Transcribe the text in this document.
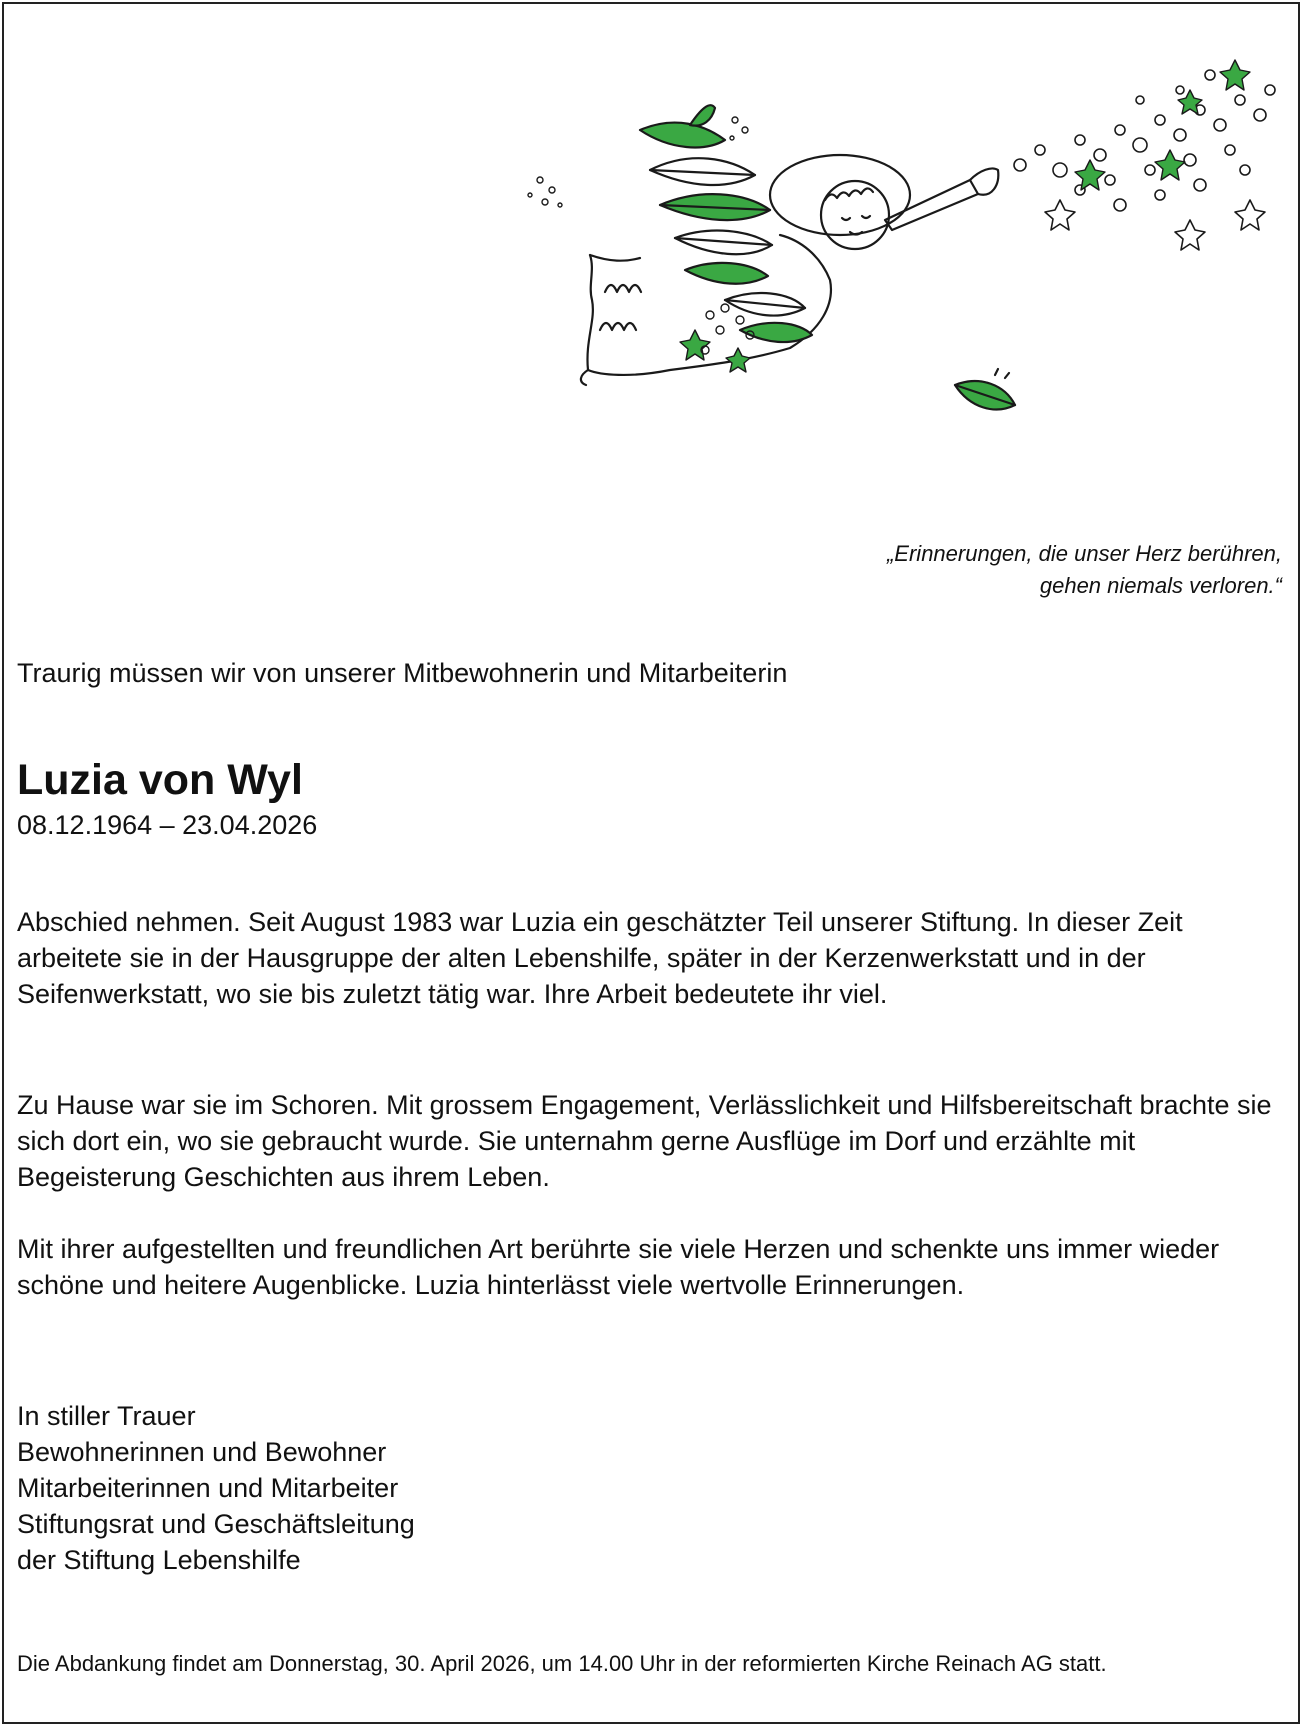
„Erinnerungen, die unser Herz berühren,
gehen niemals verloren.“
Traurig müssen wir von unserer Mitbewohnerin und Mitarbeiterin
Luzia von Wyl
08.12.1964 – 23.04.2026

Abschied nehmen. Seit August 1983 war Luzia ein geschätzter Teil unserer Stiftung. In dieser Zeit arbeitete sie in der Hausgruppe der alten Lebenshilfe, später in der Kerzenwerkstatt und in der Seifenwerkstatt, wo sie bis zuletzt tätig war. Ihre Arbeit bedeutete ihr viel.

Zu Hause war sie im Schoren. Mit grossem Engagement, Verlässlichkeit und Hilfsbereitschaft brachte sie sich dort ein, wo sie gebraucht wurde. Sie unternahm gerne Ausflüge im Dorf und erzählte mit Begeisterung Geschichten aus ihrem Leben.

Mit ihrer aufgestellten und freundlichen Art berührte sie viele Herzen und schenkte uns immer wieder schöne und heitere Augenblicke. Luzia hinterlässt viele wertvolle Erinnerungen.

In stiller Trauer
Bewohnerinnen und Bewohner
Mitarbeiterinnen und Mitarbeiter
Stiftungsrat und Geschäftsleitung
der Stiftung Lebenshilfe

Die Abdankung findet am Donnerstag, 30. April 2026, um 14.00 Uhr in der reformierten Kirche Reinach AG statt.
